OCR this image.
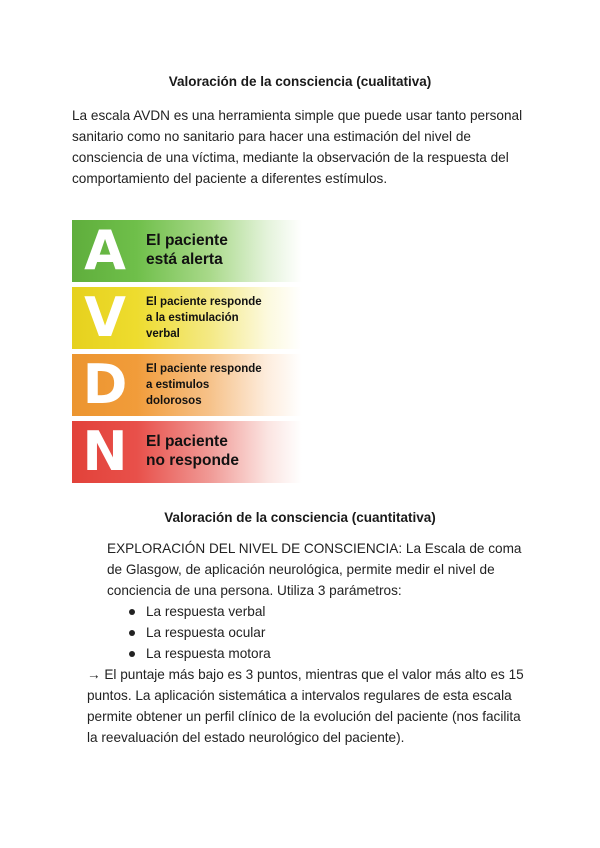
Valoración de la consciencia (cualitativa)
La escala AVDN es una herramienta simple que puede usar tanto personal sanitario como no sanitario para hacer una estimación del nivel de consciencia de una víctima, mediante la observación de la respuesta del comportamiento del paciente a diferentes estímulos.
A	El paciente
está alerta
V	El paciente responde
a la estimulación
verbal
D	El paciente responde
a estimulos
dolorosos
N	El paciente
no responde
Valoración de la consciencia (cuantitativa)
EXPLORACIÓN DEL NIVEL DE CONSCIENCIA: La Escala de coma de Glasgow, de aplicación neurológica, permite medir el nivel de conciencia de una persona. Utiliza 3 parámetros:
La respuesta verbal
La respuesta ocular
La respuesta motora
→ El puntaje más bajo es 3 puntos, mientras que el valor más alto es 15 puntos. La aplicación sistemática a intervalos regulares de esta escala permite obtener un perfil clínico de la evolución del paciente (nos facilita la reevaluación del estado neurológico del paciente).
